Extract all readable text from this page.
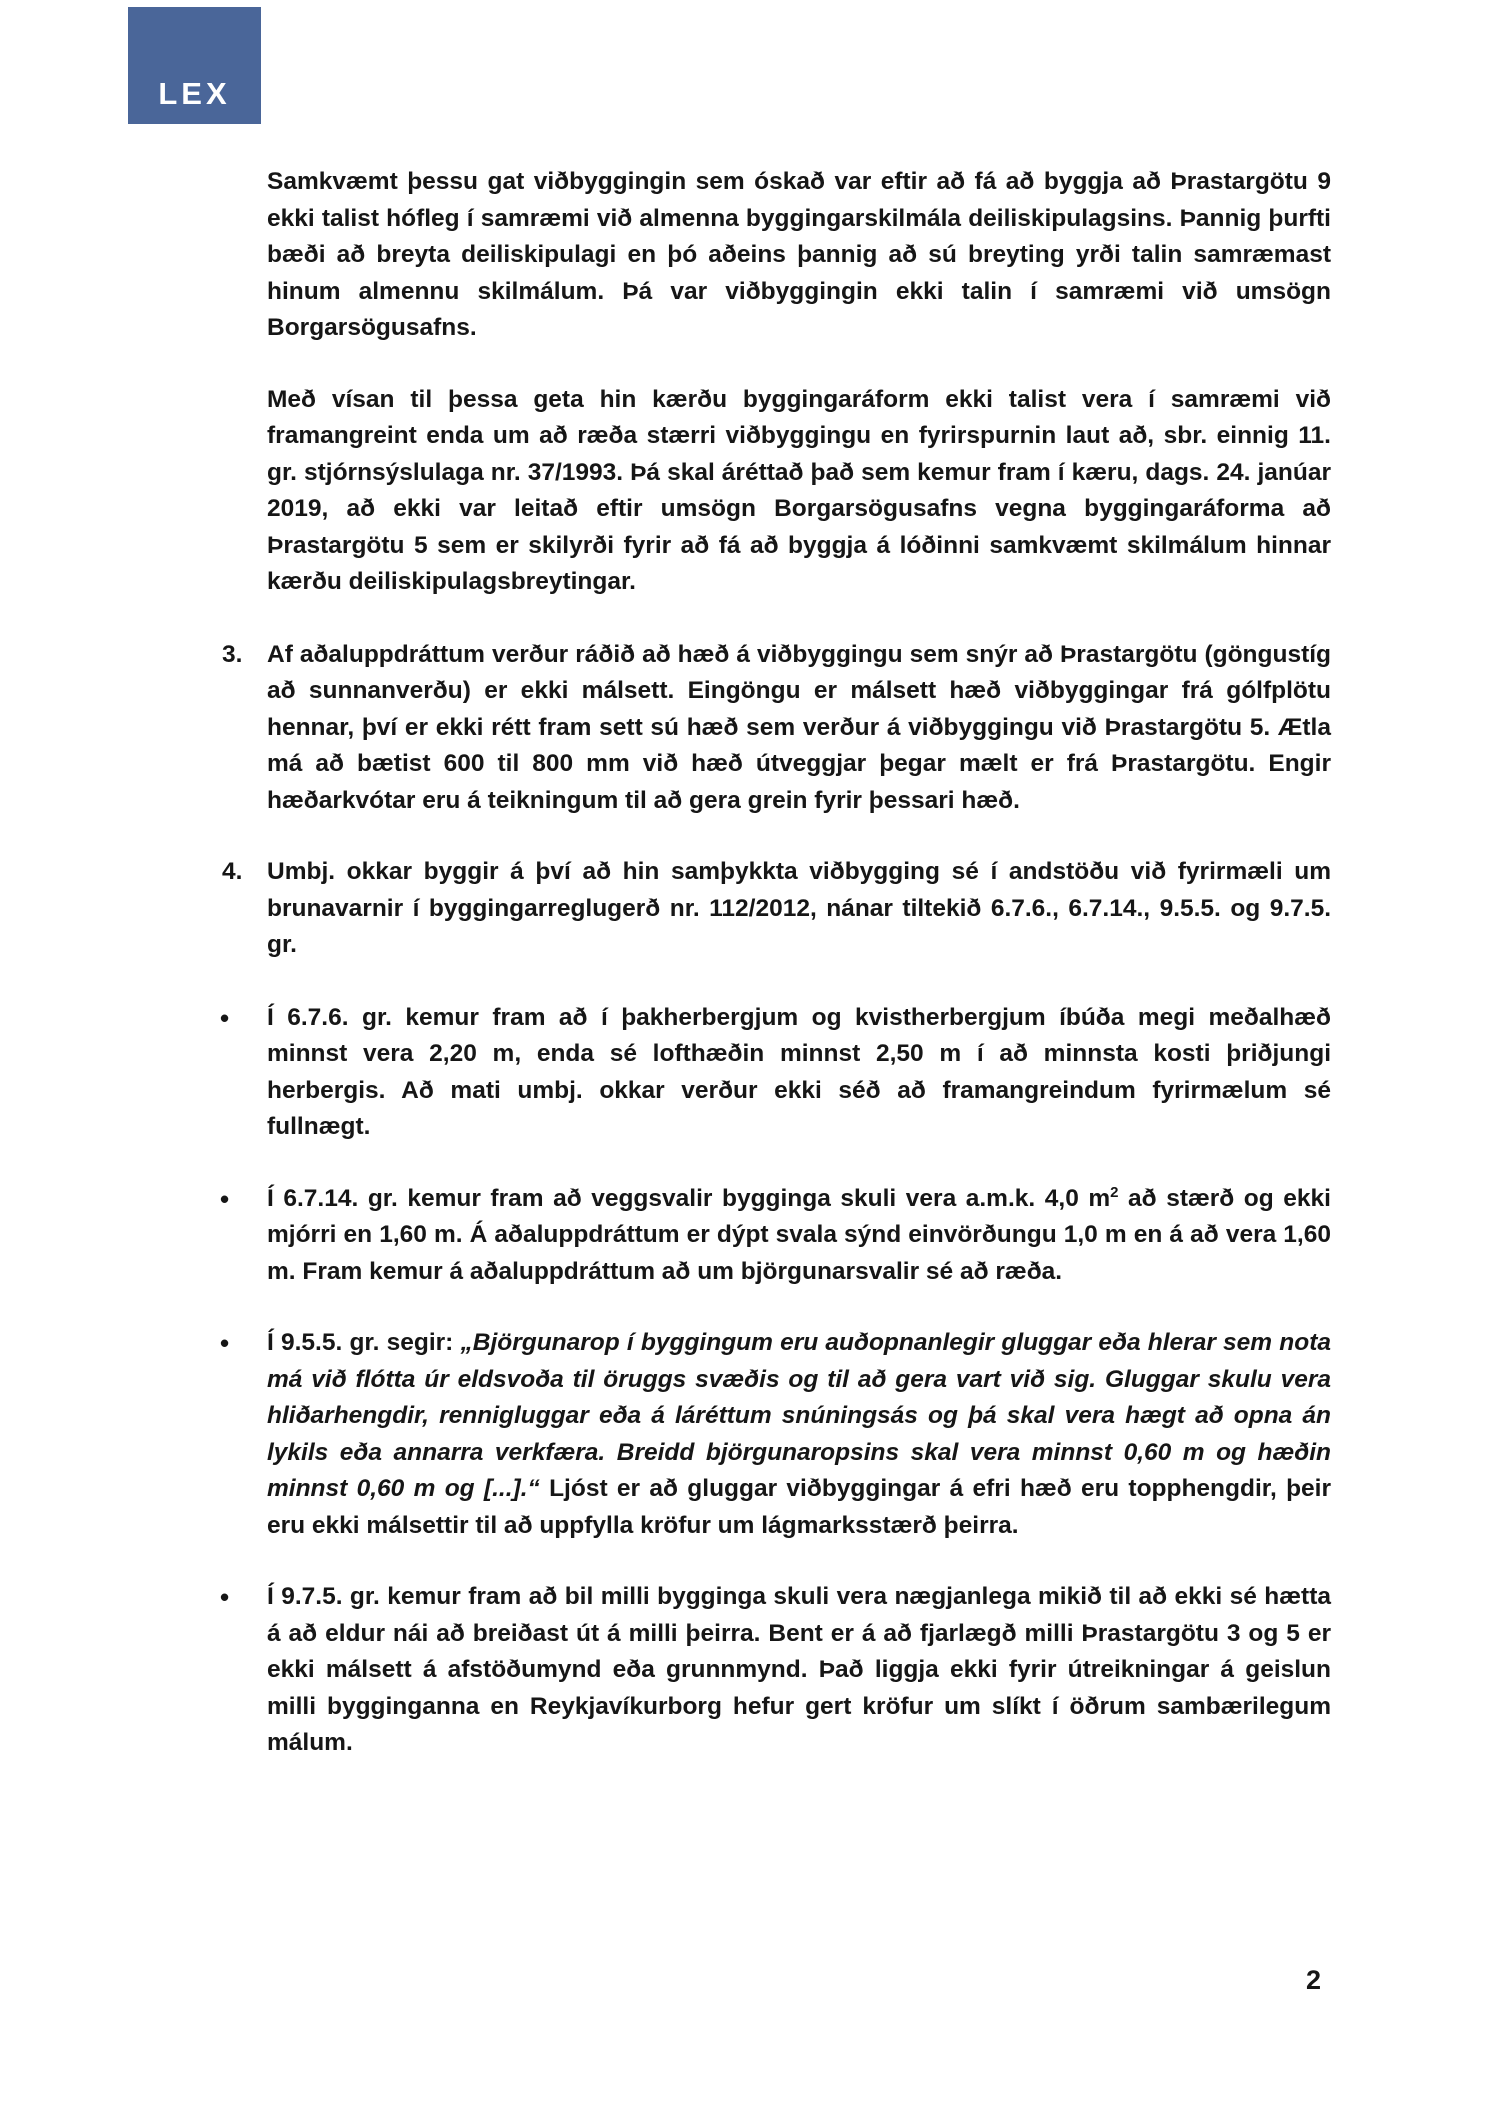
LEX

Samkvæmt þessu gat viðbyggingin sem óskað var eftir að fá að byggja að Þrastargötu 9 ekki talist hófleg í samræmi við almenna byggingarskilmála deiliskipulagsins. Þannig þurfti bæði að breyta deiliskipulagi en þó aðeins þannig að sú breyting yrði talin samræmast hinum almennu skilmálum. Þá var viðbyggingin ekki talin í samræmi við umsögn Borgarsögusafns.

Með vísan til þessa geta hin kærðu byggingaráform ekki talist vera í samræmi við framangreint enda um að ræða stærri viðbyggingu en fyrirspurnin laut að, sbr. einnig 11. gr. stjórnsýslulaga nr. 37/1993. Þá skal áréttað það sem kemur fram í kæru, dags. 24. janúar 2019, að ekki var leitað eftir umsögn Borgarsögusafns vegna byggingaráforma að Þrastargötu 5 sem er skilyrði fyrir að fá að byggja á lóðinni samkvæmt skilmálum hinnar kærðu deiliskipulagsbreytingar.

3.	Af aðaluppdráttum verður ráðið að hæð á viðbyggingu sem snýr að Þrastargötu (göngustíg að sunnanverðu) er ekki málsett. Eingöngu er málsett hæð viðbyggingar frá gólfplötu hennar, því er ekki rétt fram sett sú hæð sem verður á viðbyggingu við Þrastargötu 5. Ætla má að bætist 600 til 800 mm við hæð útveggjar þegar mælt er frá Þrastargötu. Engir hæðarkvótar eru á teikningum til að gera grein fyrir þessari hæð.
4.	Umbj. okkar byggir á því að hin samþykkta viðbygging sé í andstöðu við fyrirmæli um brunavarnir í byggingarreglugerð nr. 112/2012, nánar tiltekið 6.7.6., 6.7.14., 9.5.5. og 9.7.5. gr.
•	Í 6.7.6. gr. kemur fram að í þakherbergjum og kvistherbergjum íbúða megi meðalhæð minnst vera 2,20 m, enda sé lofthæðin minnst 2,50 m í að minnsta kosti þriðjungi herbergis. Að mati umbj. okkar verður ekki séð að framangreindum fyrirmælum sé fullnægt.
•	Í 6.7.14. gr. kemur fram að veggsvalir bygginga skuli vera a.m.k. 4,0 $m^2$ að stærð og ekki mjórri en 1,60 m. Á aðaluppdráttum er dýpt svala sýnd einvörðungu 1,0 m en á að vera 1,60 m. Fram kemur á aðaluppdráttum að um björgunarsvalir sé að ræða.
•	Í 9.5.5. gr. segir: „Björgunarop í byggingum eru auðopnanlegir gluggar eða hlerar sem nota má við flótta úr eldsvoða til öruggs svæðis og til að gera vart við sig. Gluggar skulu vera hliðarhengdir, rennigluggar eða á láréttum snúningsás og þá skal vera hægt að opna án lykils eða annarra verkfæra. Breidd björgunaropsins skal vera minnst 0,60 m og hæðin minnst 0,60 m og [...].“ Ljóst er að gluggar viðbyggingar á efri hæð eru topphengdir, þeir eru ekki málsettir til að uppfylla kröfur um lágmarksstærð þeirra.
•	Í 9.7.5. gr. kemur fram að bil milli bygginga skuli vera nægjanlega mikið til að ekki sé hætta á að eldur nái að breiðast út á milli þeirra. Bent er á að fjarlægð milli Þrastargötu 3 og 5 er ekki málsett á afstöðumynd eða grunnmynd. Það liggja ekki fyrir útreikningar á geislun milli bygginganna en Reykjavíkurborg hefur gert kröfur um slíkt í öðrum sambærilegum málum.
2
